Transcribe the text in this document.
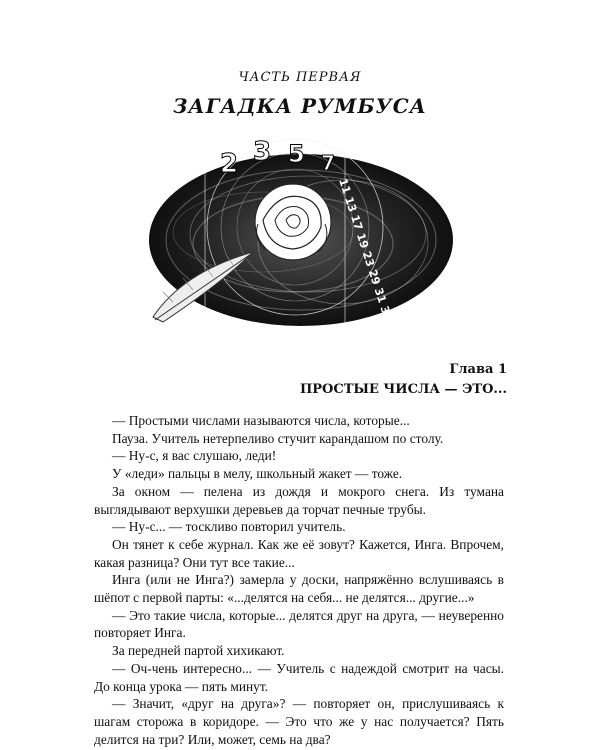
ЧАСТЬ ПЕРВАЯ
ЗАГАДКА РУМБУСА
2 3 5 7
11 13 17 19 23 29 31 37
Глава 1
ПРОСТЫЕ ЧИСЛА — ЭТО...

— Простыми числами называются числа, которые...

Пауза. Учитель нетерпеливо стучит карандашом по столу.

— Ну-с, я вас слушаю, леди!

У «леди» пальцы в мелу, школьный жакет — тоже.

За окном — пелена из дождя и мокрого снега. Из тумана выглядывают верхушки деревьев да торчат печные трубы.

— Ну-с... — тоскливо повторил учитель.

Он тянет к себе журнал. Как же её зовут? Кажется, Инга. Впрочем, какая разница? Они тут все такие...

Инга (или не Инга?) замерла у доски, напряжённо вслушиваясь в шёпот с первой парты: «...делятся на себя... не делятся... другие...»

— Это такие числа, которые... делятся друг на друга, — неуверенно повторяет Инга.

За передней партой хихикают.

— Оч-чень интересно... — Учитель с надеждой смотрит на часы. До конца урока — пять минут.

— Значит, «друг на друга»? — повторяет он, прислушиваясь к шагам сторожа в коридоре. — Это что же у нас получается? Пять делится на три? Или, может, семь на два?
